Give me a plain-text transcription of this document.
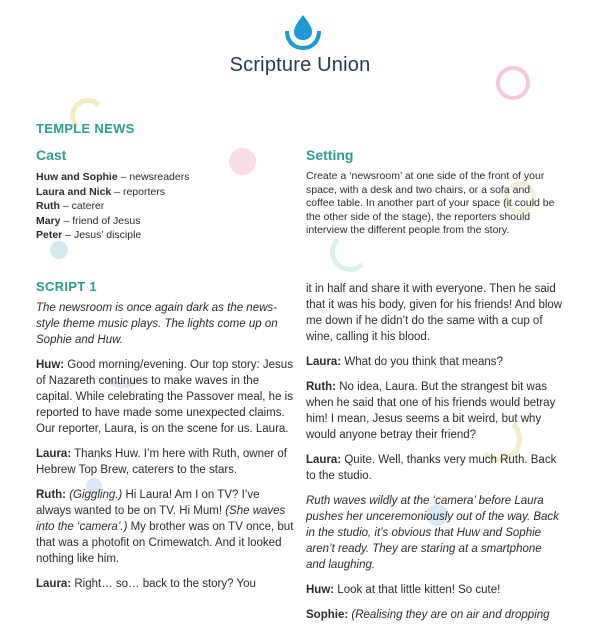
Scripture Union
TEMPLE NEWS
Cast
Huw and Sophie – newsreaders
Laura and Nick – reporters
Ruth – caterer
Mary – friend of Jesus
Peter – Jesus’ disciple
Setting
Create a ‘newsroom’ at one side of the front of your space, with a desk and two chairs, or a sofa and coffee table. In another part of your space (it could be the other side of the stage), the reporters should interview the different people from the story.
SCRIPT 1

The newsroom is once again dark as the news-style theme music plays. The lights come up on Sophie and Huw.

Huw: Good morning/evening. Our top story: Jesus of Nazareth continues to make waves in the capital. While celebrating the Passover meal, he is reported to have made some unexpected claims. Our reporter, Laura, is on the scene for us. Laura.

Laura: Thanks Huw. I’m here with Ruth, owner of Hebrew Top Brew, caterers to the stars.

Ruth: (Giggling.) Hi Laura! Am I on TV? I’ve always wanted to be on TV. Hi Mum! (She waves into the ‘camera’.) My brother was on TV once, but that was a photofit on Crimewatch. And it looked nothing like him.

Laura: Right… so… back to the story? You

it in half and share it with everyone. Then he said that it was his body, given for his friends! And blow me down if he didn’t do the same with a cup of wine, calling it his blood.

Laura: What do you think that means?

Ruth: No idea, Laura. But the strangest bit was when he said that one of his friends would betray him! I mean, Jesus seems a bit weird, but why would anyone betray their friend?

Laura: Quite. Well, thanks very much Ruth. Back to the studio.

Ruth waves wildly at the ‘camera’ before Laura pushes her unceremoniously out of the way. Back in the studio, it’s obvious that Huw and Sophie aren’t ready. They are staring at a smartphone and laughing.

Huw: Look at that little kitten! So cute!

Sophie: (Realising they are on air and dropping
